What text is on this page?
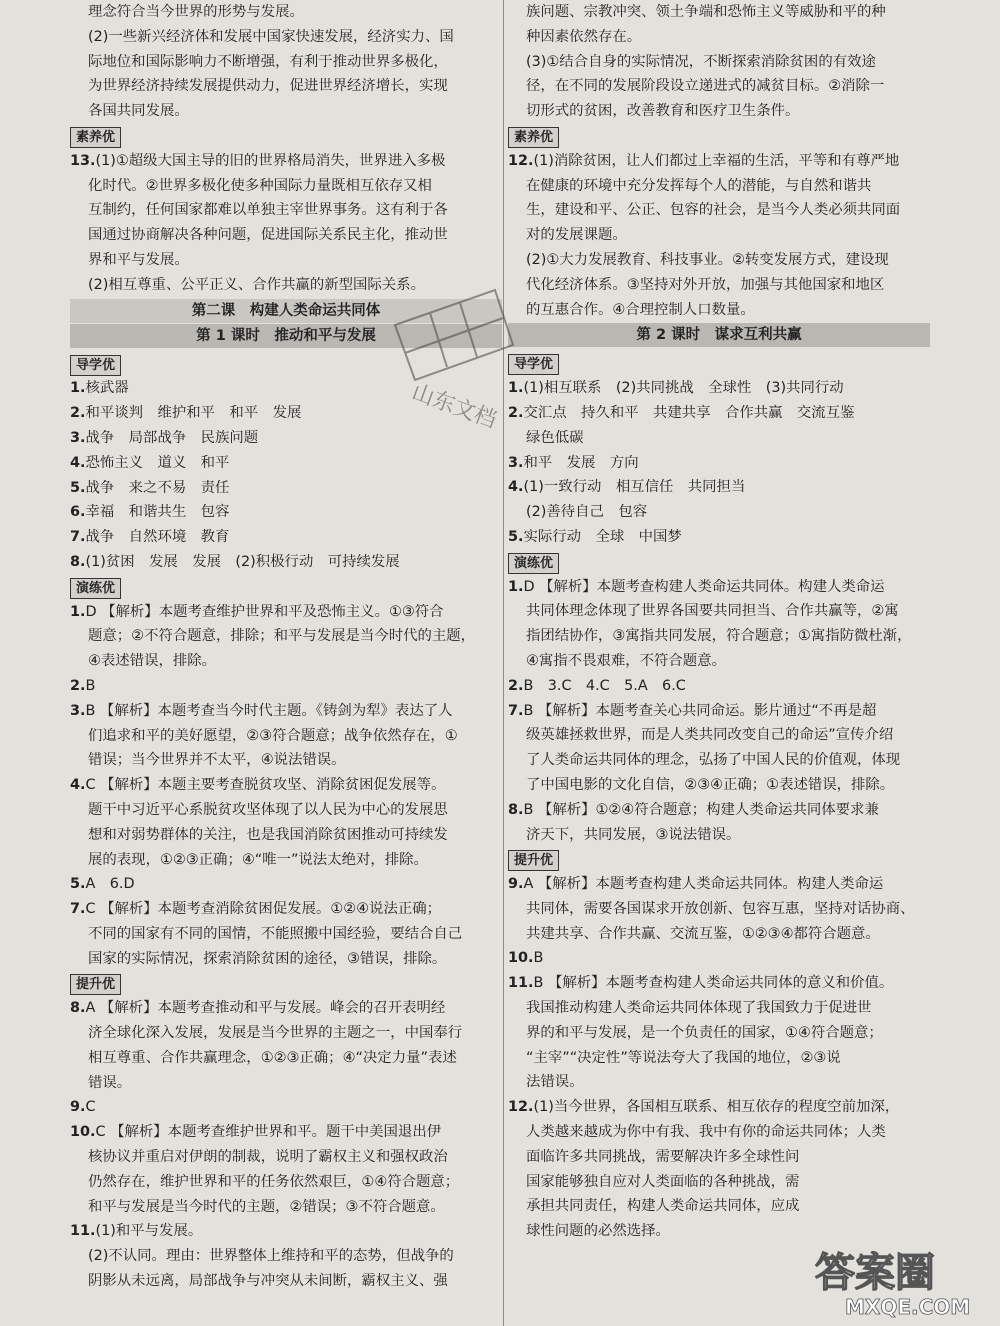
理念符合当今世界的形势与发展。
(2)一些新兴经济体和发展中国家快速发展，经济实力、国
际地位和国际影响力不断增强，有利于推动世界多极化，
为世界经济持续发展提供动力，促进世界经济增长，实现
各国共同发展。
素养优
13.(1)①超级大国主导的旧的世界格局消失，世界进入多极
化时代。②世界多极化使多种国际力量既相互依存又相
互制约，任何国家都难以单独主宰世界事务。这有利于各
国通过协商解决各种问题，促进国际关系民主化，推动世
界和平与发展。
(2)相互尊重、公平正义、合作共赢的新型国际关系。
第二课　构建人类命运共同体
第 1 课时　推动和平与发展
导学优
1.核武器
2.和平谈判　维护和平　和平　发展
3.战争　局部战争　民族问题
4.恐怖主义　道义　和平
5.战争　来之不易　责任
6.幸福　和谐共生　包容
7.战争　自然环境　教育
8.(1)贫困　发展　发展　(2)积极行动　可持续发展
演练优
1.D 【解析】本题考查维护世界和平及恐怖主义。①③符合
题意；②不符合题意，排除；和平与发展是当今时代的主题，
④表述错误，排除。
2.B
3.B 【解析】本题考查当今时代主题。《铸剑为犁》表达了人
们追求和平的美好愿望，②③符合题意；战争依然存在，①
错误；当今世界并不太平，④说法错误。
4.C 【解析】本题主要考查脱贫攻坚、消除贫困促发展等。
题干中习近平心系脱贫攻坚体现了以人民为中心的发展思
想和对弱势群体的关注，也是我国消除贫困推动可持续发
展的表现，①②③正确；④“唯一”说法太绝对，排除。
5.A　6.D
7.C 【解析】本题考查消除贫困促发展。①②④说法正确；
不同的国家有不同的国情，不能照搬中国经验，要结合自己
国家的实际情况，探索消除贫困的途径，③错误，排除。
提升优
8.A 【解析】本题考查推动和平与发展。峰会的召开表明经
济全球化深入发展，发展是当今世界的主题之一，中国奉行
相互尊重、合作共赢理念，①②③正确；④“决定力量”表述
错误。
9.C
10.C 【解析】本题考查维护世界和平。题干中美国退出伊
核协议并重启对伊朗的制裁，说明了霸权主义和强权政治
仍然存在，维护世界和平的任务依然艰巨，①④符合题意；
和平与发展是当今时代的主题，②错误；③不符合题意。
11.(1)和平与发展。
(2)不认同。理由：世界整体上维持和平的态势，但战争的
阴影从未远离，局部战争与冲突从未间断，霸权主义、强
族问题、宗教冲突、领土争端和恐怖主义等威胁和平的种
种因素依然存在。
(3)①结合自身的实际情况，不断探索消除贫困的有效途
径，在不同的发展阶段设立递进式的减贫目标。②消除一
切形式的贫困，改善教育和医疗卫生条件。
素养优
12.(1)消除贫困，让人们都过上幸福的生活，平等和有尊严地
在健康的环境中充分发挥每个人的潜能，与自然和谐共
生，建设和平、公正、包容的社会，是当今人类必须共同面
对的发展课题。
(2)①大力发展教育、科技事业。②转变发展方式，建设现
代化经济体系。③坚持对外开放，加强与其他国家和地区
的互惠合作。④合理控制人口数量。
第 2 课时　谋求互利共赢
导学优
1.(1)相互联系　(2)共同挑战　全球性　(3)共同行动
2.交汇点　持久和平　共建共享　合作共赢　交流互鉴
绿色低碳
3.和平　发展　方向
4.(1)一致行动　相互信任　共同担当
(2)善待自己　包容
5.实际行动　全球　中国梦
演练优
1.D 【解析】本题考查构建人类命运共同体。构建人类命运
共同体理念体现了世界各国要共同担当、合作共赢等，②寓
指团结协作，③寓指共同发展，符合题意；①寓指防微杜渐，
④寓指不畏艰难，不符合题意。
2.B　3.C　4.C　5.A　6.C
7.B 【解析】本题考查关心共同命运。影片通过“不再是超
级英雄拯救世界，而是人类共同改变自己的命运”宣传介绍
了人类命运共同体的理念，弘扬了中国人民的价值观，体现
了中国电影的文化自信，②③④正确；①表述错误，排除。
8.B 【解析】①②④符合题意；构建人类命运共同体要求兼
济天下，共同发展，③说法错误。
提升优
9.A 【解析】本题考查构建人类命运共同体。构建人类命运
共同体，需要各国谋求开放创新、包容互惠，坚持对话协商、
共建共享、合作共赢、交流互鉴，①②③④都符合题意。
10.B
11.B 【解析】本题考查构建人类命运共同体的意义和价值。
我国推动构建人类命运共同体体现了我国致力于促进世
界的和平与发展，是一个负责任的国家，①④符合题意；
“主宰”“决定性”等说法夸大了我国的地位，②③说
法错误。
12.(1)当今世界，各国相互联系、相互依存的程度空前加深，
人类越来越成为你中有我、我中有你的命运共同体；人类
面临许多共同挑战，需要解决许多全球性问
国家能够独自应对人类面临的各种挑战，需
承担共同责任，构建人类命运共同体，应成
球性问题的必然选择。
山东文档
答案圈
MXQE.COM
